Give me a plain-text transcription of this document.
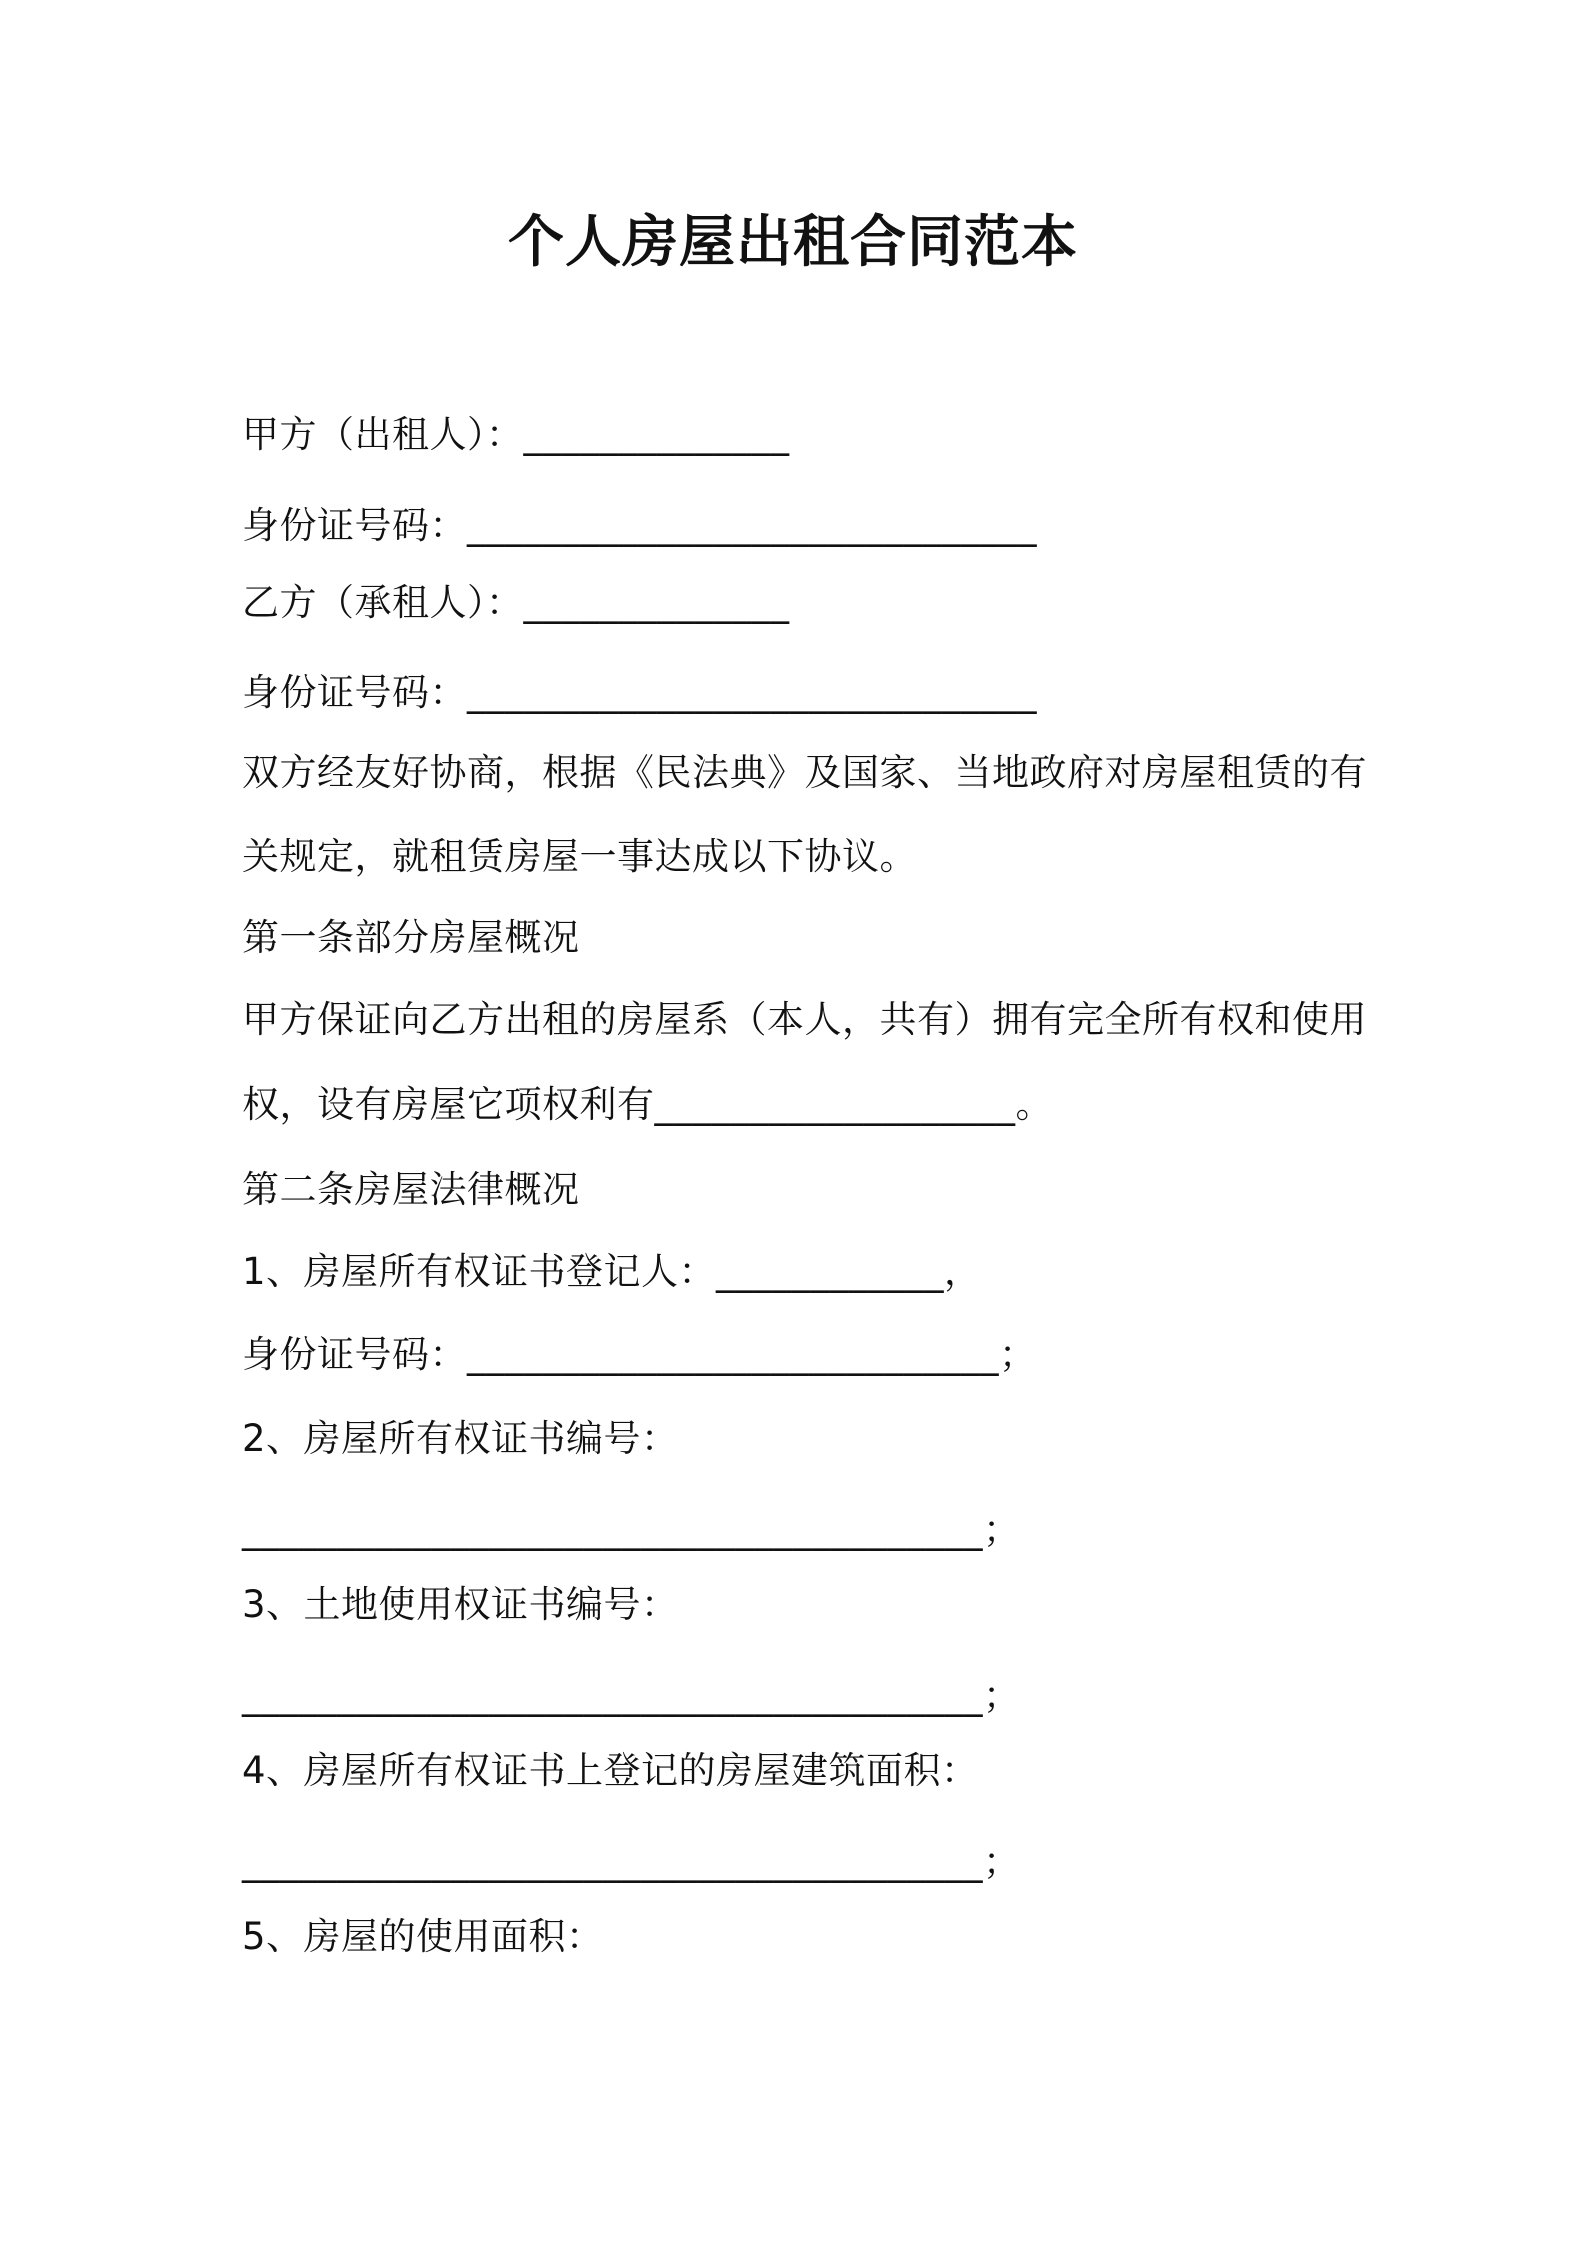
个人房屋出租合同范本
甲方（出租人）：______________
身份证号码：______________________________
乙方（承租人）：______________
身份证号码：______________________________
双方经友好协商，根据《民法典》及国家、当地政府对房屋租赁的有
关规定，就租赁房屋一事达成以下协议。
第一条部分房屋概况
甲方保证向乙方出租的房屋系（本人，共有）拥有完全所有权和使用
权，设有房屋它项权利有___________________。
第二条房屋法律概况
1、房屋所有权证书登记人：____________，
身份证号码：____________________________；
2、房屋所有权证书编号：
_______________________________________；
3、土地使用权证书编号：
_______________________________________；
4、房屋所有权证书上登记的房屋建筑面积：
_______________________________________；
5、房屋的使用面积：
